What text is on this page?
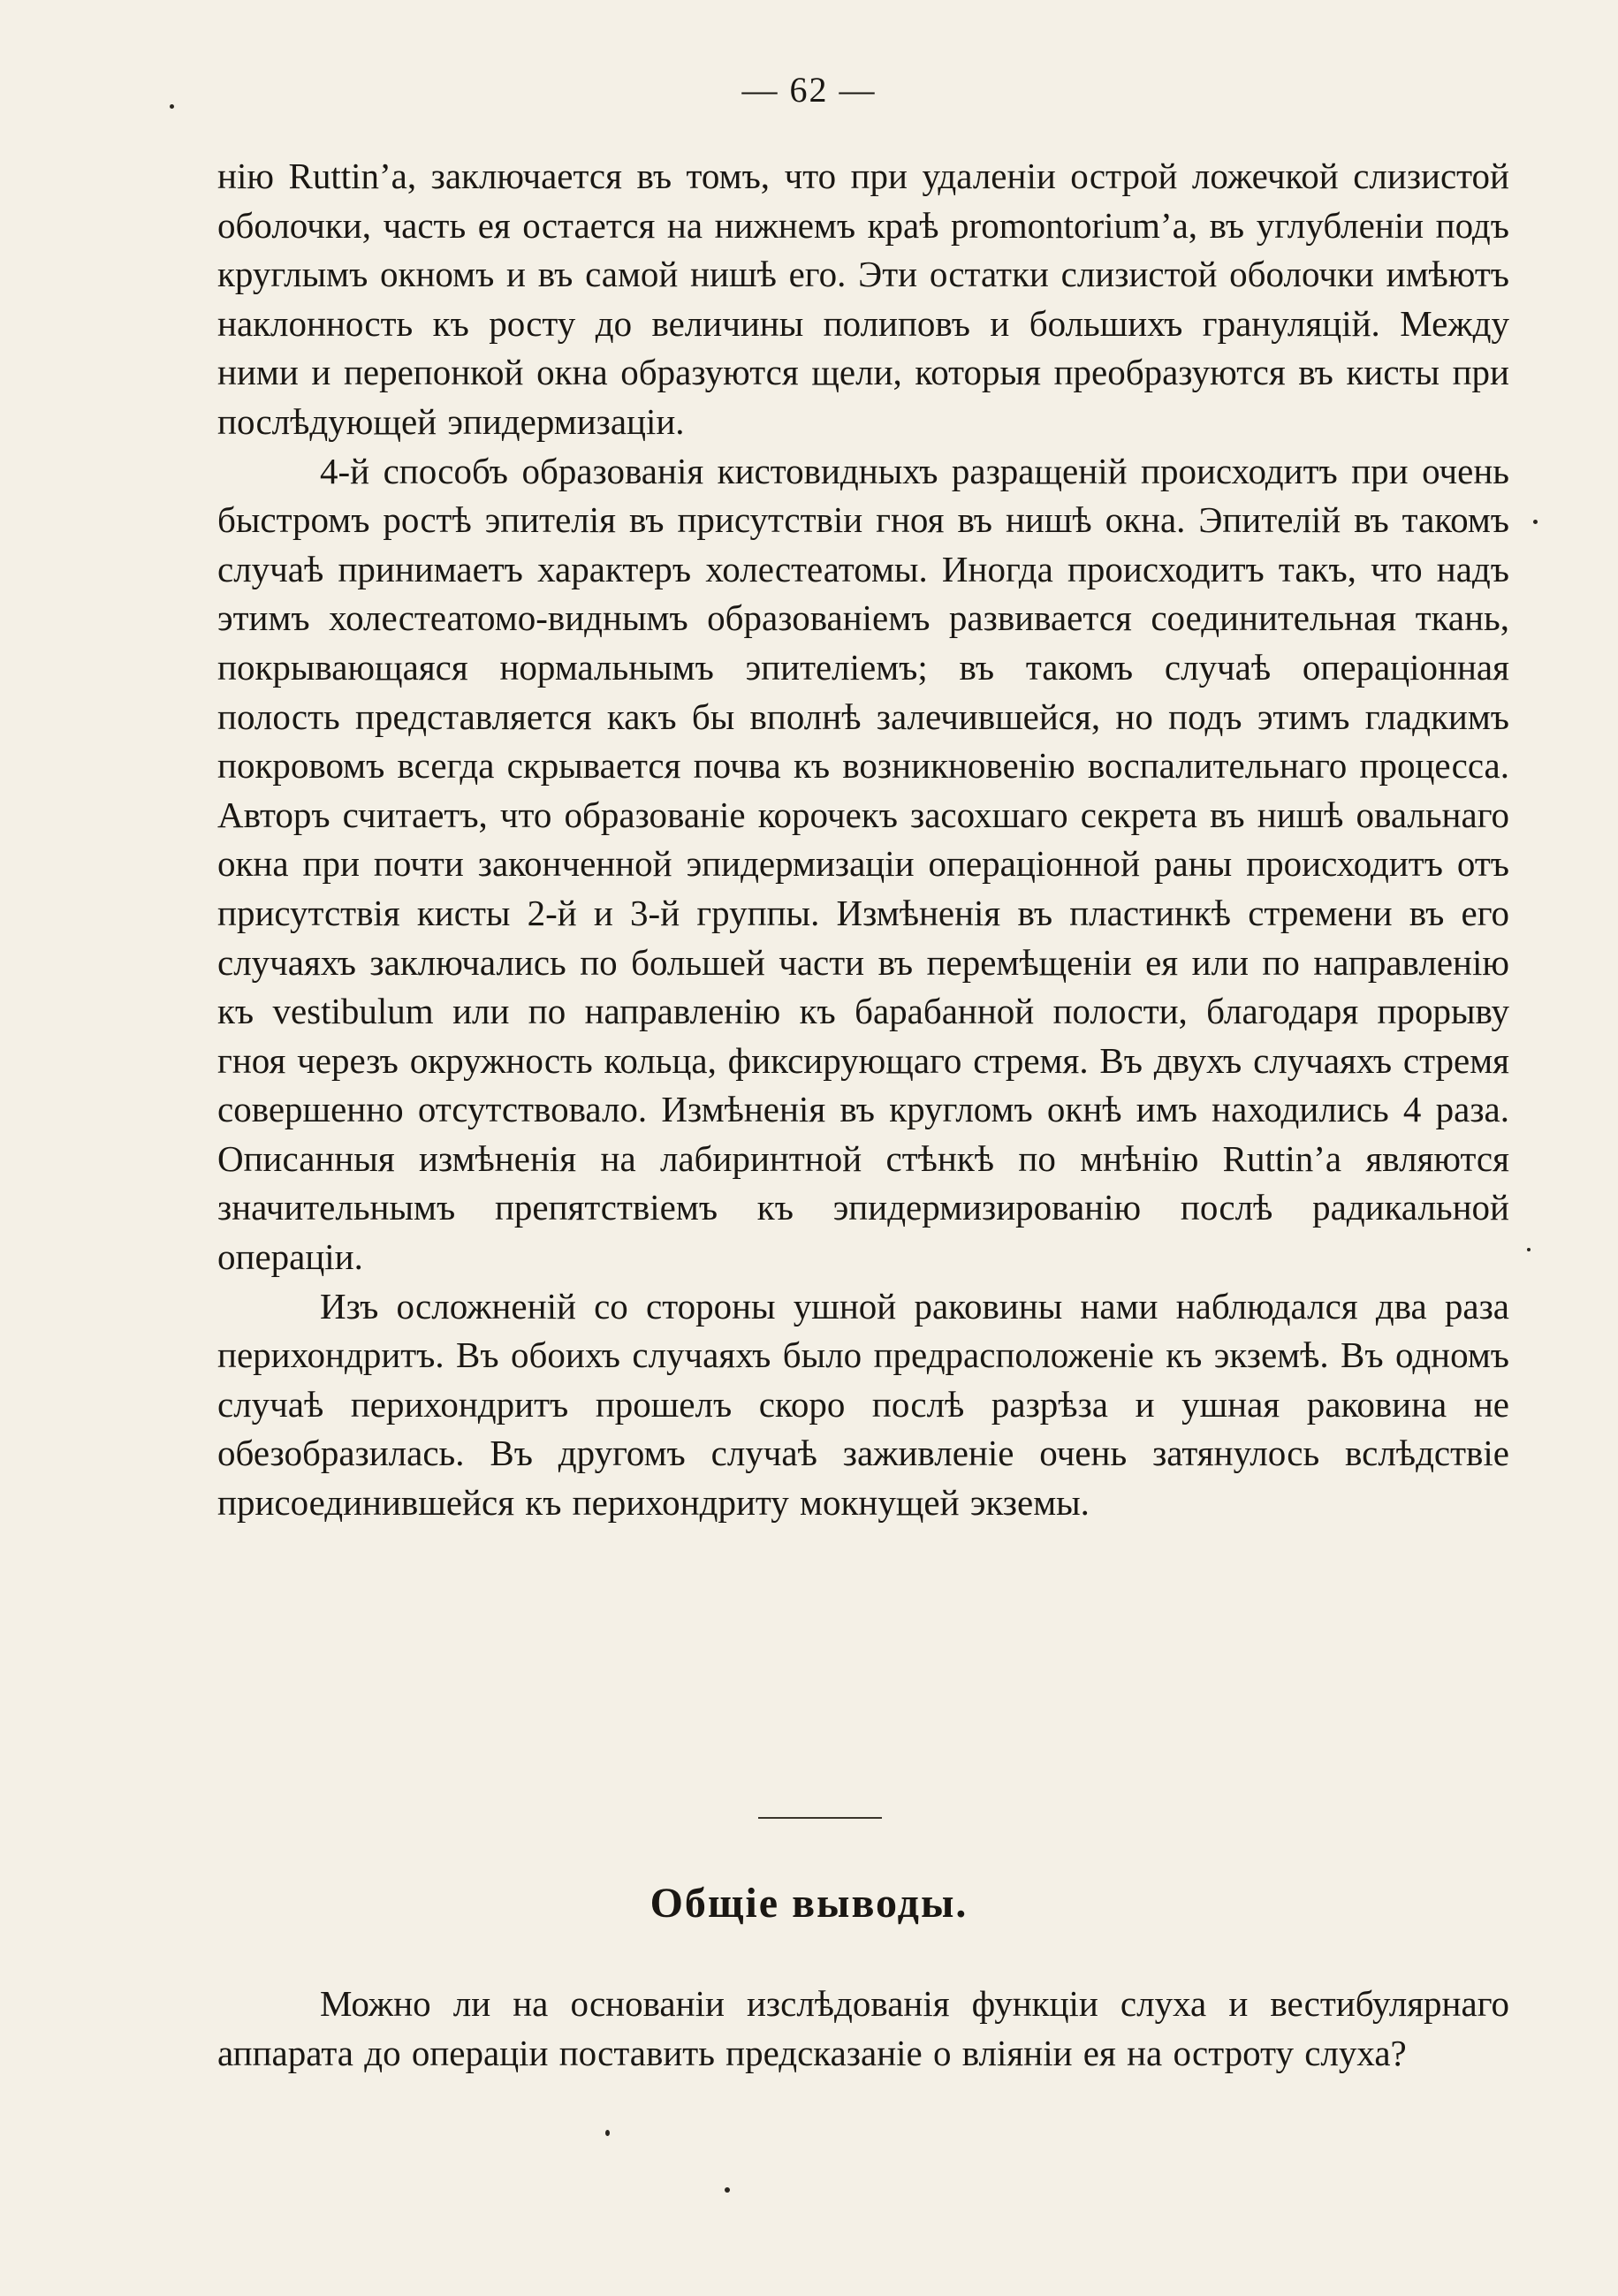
— 62 —

нію Ruttin’а, заключается въ томъ, что при удаленіи острой ложечкой слизистой оболочки, часть ея остается на нижнемъ краѣ promontorium’а, въ углубленіи подъ круглымъ окномъ и въ самой нишѣ его. Эти остатки слизистой оболочки имѣютъ наклонность къ росту до величины полиповъ и большихъ грануляцій. Между ними и перепонкой окна образуются щели, которыя преобразуются въ кисты при послѣдующей эпидермизаціи.

4-й способъ образованія кистовидныхъ разращеній происходитъ при очень быстромъ ростѣ эпителія въ присутствіи гноя въ нишѣ окна. Эпителій въ такомъ случаѣ принимаетъ характеръ холестеатомы. Иногда происходитъ такъ, что надъ этимъ холестеатомо-виднымъ образованіемъ развивается соединительная ткань, покрывающаяся нормальнымъ эпителіемъ; въ такомъ случаѣ операціонная полость представляется какъ бы вполнѣ залечившейся, но подъ этимъ гладкимъ покровомъ всегда скрывается почва къ возникновенію воспалительнаго процесса. Авторъ считаетъ, что образованіе корочекъ засохшаго секрета въ нишѣ овальнаго окна при почти законченной эпидермизаціи операціонной раны происходитъ отъ присутствія кисты 2-й и 3-й группы. Измѣненія въ пластинкѣ стремени въ его случаяхъ заключались по большей части въ перемѣщеніи ея или по направленію къ vestibulum или по направленію къ барабанной полости, благодаря прорыву гноя черезъ окружность кольца, фиксирующаго стремя. Въ двухъ случаяхъ стремя совершенно отсутствовало. Измѣненія въ кругломъ окнѣ имъ находились 4 раза. Описанныя измѣненія на лабиринтной стѣнкѣ по мнѣнію Ruttin’а являются значительнымъ препятствіемъ къ эпидермизированію послѣ радикальной операціи.

Изъ осложненій со стороны ушной раковины нами наблюдался два раза перихондритъ. Въ обоихъ случаяхъ было предрасположеніе къ экземѣ. Въ одномъ случаѣ перихондритъ прошелъ скоро послѣ разрѣза и ушная раковина не обезобразилась. Въ другомъ случаѣ заживленіе очень затянулось вслѣдствіе присоединившейся къ перихондриту мокнущей экземы.

Общіе выводы.

Можно ли на основаніи изслѣдованія функціи слуха и вестибулярнаго аппарата до операціи поставить предсказаніе о вліяніи ея на остроту слуха?
